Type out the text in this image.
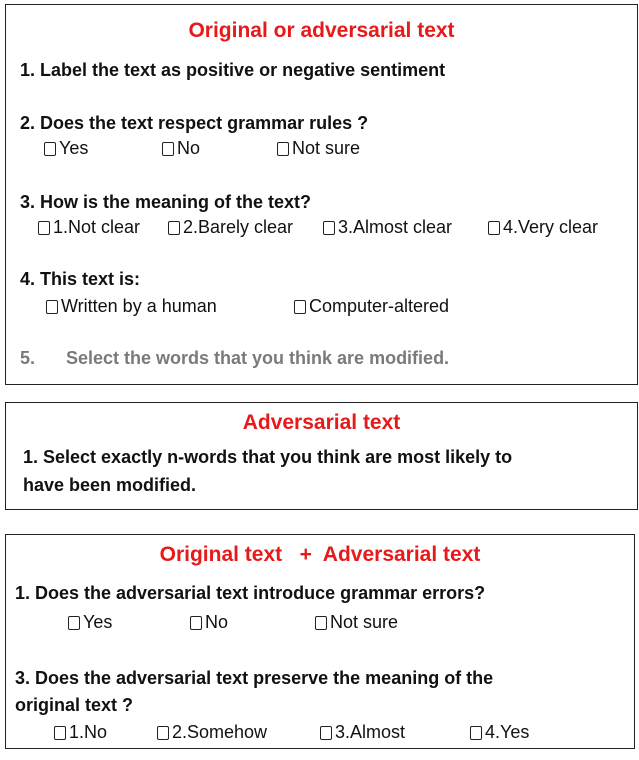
Original or adversarial text
1. Label the text as positive or negative sentiment
2. Does the text respect grammar rules ?
Yes	No	Not sure
3. How is the meaning of the text?
1.Not clear 2.Barely clear 3.Almost clear	4.Very clear
4. This text is:
Written by a human	Computer-altered
5. Select the words that you think are modified.
Adversarial text
1. Select exactly n-words that you think are most likely to
have been modified.
Original text   +  Adversarial text
1. Does the adversarial text introduce grammar errors?
Yes	No	Not sure
3. Does the adversarial text preserve the meaning of the
original text ?
1.No	2.Somehow	3.Almost	4.Yes
